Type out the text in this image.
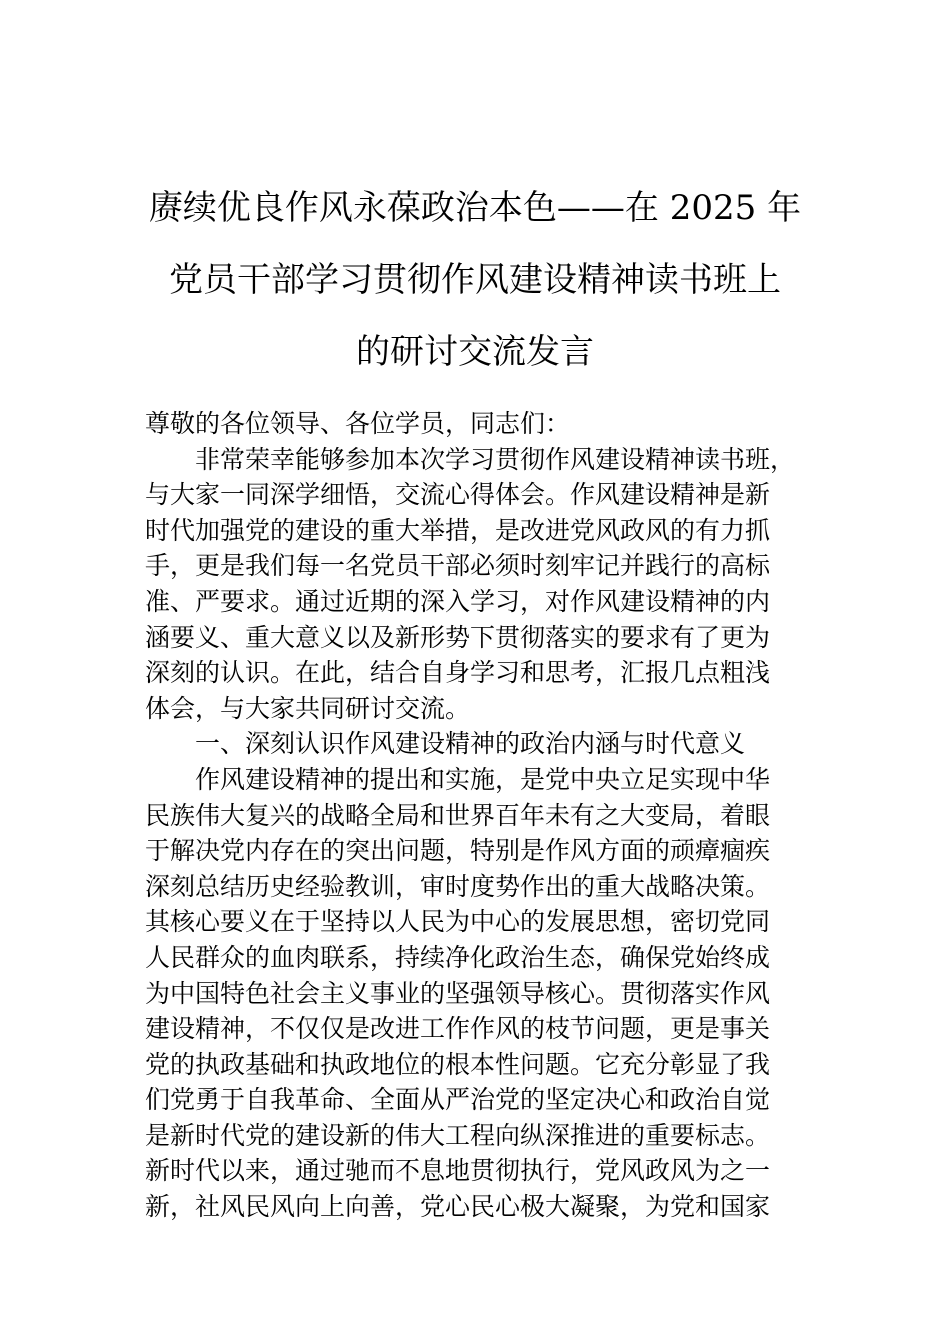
赓续优良作风永葆政治本色——在 2025 年
党员干部学习贯彻作风建设精神读书班上
的研讨交流发言
尊敬的各位领导、各位学员，同志们：
非常荣幸能够参加本次学习贯彻作风建设精神读书班，
与大家一同深学细悟，交流心得体会。作风建设精神是新
时代加强党的建设的重大举措，是改进党风政风的有力抓
手，更是我们每一名党员干部必须时刻牢记并践行的高标
准、严要求。通过近期的深入学习，对作风建设精神的内
涵要义、重大意义以及新形势下贯彻落实的要求有了更为
深刻的认识。在此，结合自身学习和思考，汇报几点粗浅
体会，与大家共同研讨交流。
一、深刻认识作风建设精神的政治内涵与时代意义
作风建设精神的提出和实施，是党中央立足实现中华
民族伟大复兴的战略全局和世界百年未有之大变局，着眼
于解决党内存在的突出问题，特别是作风方面的顽瘴痼疾
深刻总结历史经验教训，审时度势作出的重大战略决策。
其核心要义在于坚持以人民为中心的发展思想，密切党同
人民群众的血肉联系，持续净化政治生态，确保党始终成
为中国特色社会主义事业的坚强领导核心。贯彻落实作风
建设精神，不仅仅是改进工作作风的枝节问题，更是事关
党的执政基础和执政地位的根本性问题。它充分彰显了我
们党勇于自我革命、全面从严治党的坚定决心和政治自觉
是新时代党的建设新的伟大工程向纵深推进的重要标志。
新时代以来，通过驰而不息地贯彻执行，党风政风为之一
新，社风民风向上向善，党心民心极大凝聚，为党和国家
